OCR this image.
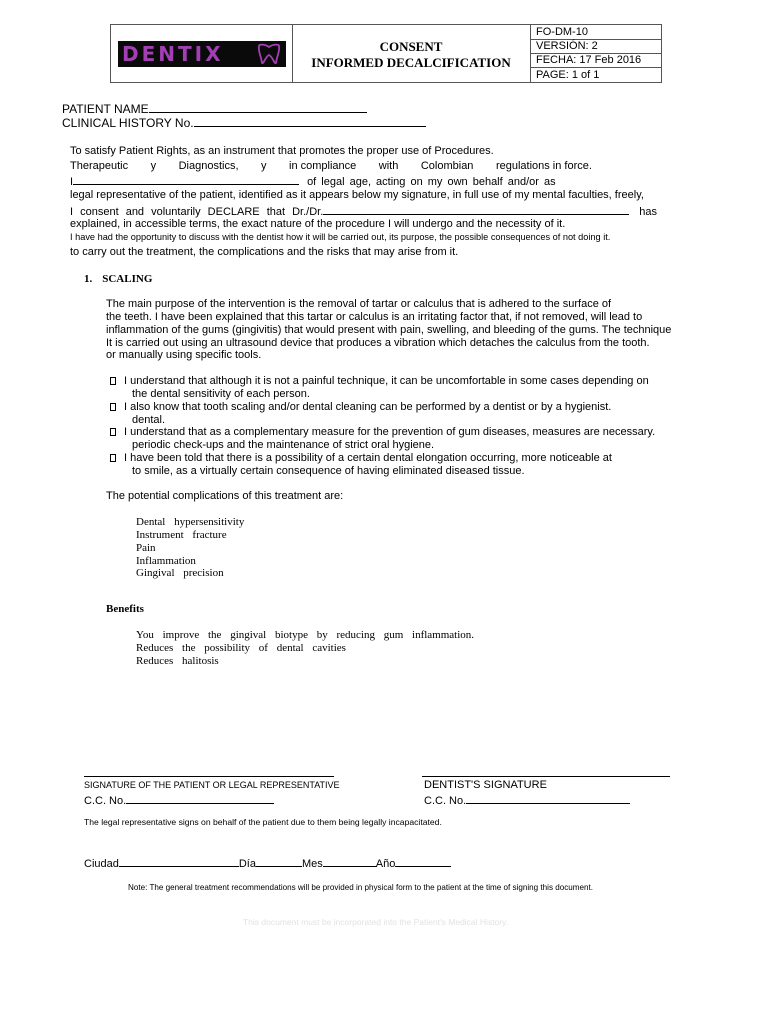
DENTIX	CONSENT
INFORMED DECALCIFICATION
FO-DM-10
VERSIÓN: 2
FECHA: 17 Feb 2016
PAGE: 1 of 1
PATIENT NAME
CLINICAL HISTORY No.
To satisfy Patient Rights, as an instrument that promotes the proper use of Procedures.
Therapeutic y Diagnostics, y in compliance with Colombian regulations in force.
I	of legal age, acting on my own behalf and/or as
legal representative of the patient, identified as it appears below my signature, in full use of my mental faculties, freely,
I consent and voluntarily DECLARE that Dr./Dr.	has
explained, in accessible terms, the exact nature of the procedure I will undergo and the necessity of it.
I have had the opportunity to discuss with the dentist how it will be carried out, its purpose, the possible consequences of not doing it.
to carry out the treatment, the complications and the risks that may arise from it.
1. SCALING
The main purpose of the intervention is the removal of tartar or calculus that is adhered to the surface of
the teeth. I have been explained that this tartar or calculus is an irritating factor that, if not removed, will lead to
inflammation of the gums (gingivitis) that would present with pain, swelling, and bleeding of the gums. The technique
It is carried out using an ultrasound device that produces a vibration which detaches the calculus from the tooth.
or manually using specific tools.
I understand that although it is not a painful technique, it can be uncomfortable in some cases depending on
the dental sensitivity of each person.
I also know that tooth scaling and/or dental cleaning can be performed by a dentist or by a hygienist.
dental.
I understand that as a complementary measure for the prevention of gum diseases, measures are necessary.
periodic check-ups and the maintenance of strict oral hygiene.
I have been told that there is a possibility of a certain dental elongation occurring, more noticeable at
to smile, as a virtually certain consequence of having eliminated diseased tissue.
The potential complications of this treatment are:
Dental hypersensitivity
Instrument fracture
Pain
Inflammation
Gingival precision
Benefits
You improve the gingival biotype by reducing gum inflammation.
Reduces the possibility of dental cavities
Reduces halitosis
SIGNATURE OF THE PATIENT OR LEGAL REPRESENTATIVE	DENTIST'S SIGNATURE
C.C. No.	C.C. No.
The legal representative signs on behalf of the patient due to them being legally incapacitated.
Ciudad	Día	Mes	Año
Note: The general treatment recommendations will be provided in physical form to the patient at the time of signing this document.
This document must be incorporated into the Patient's Medical History.
